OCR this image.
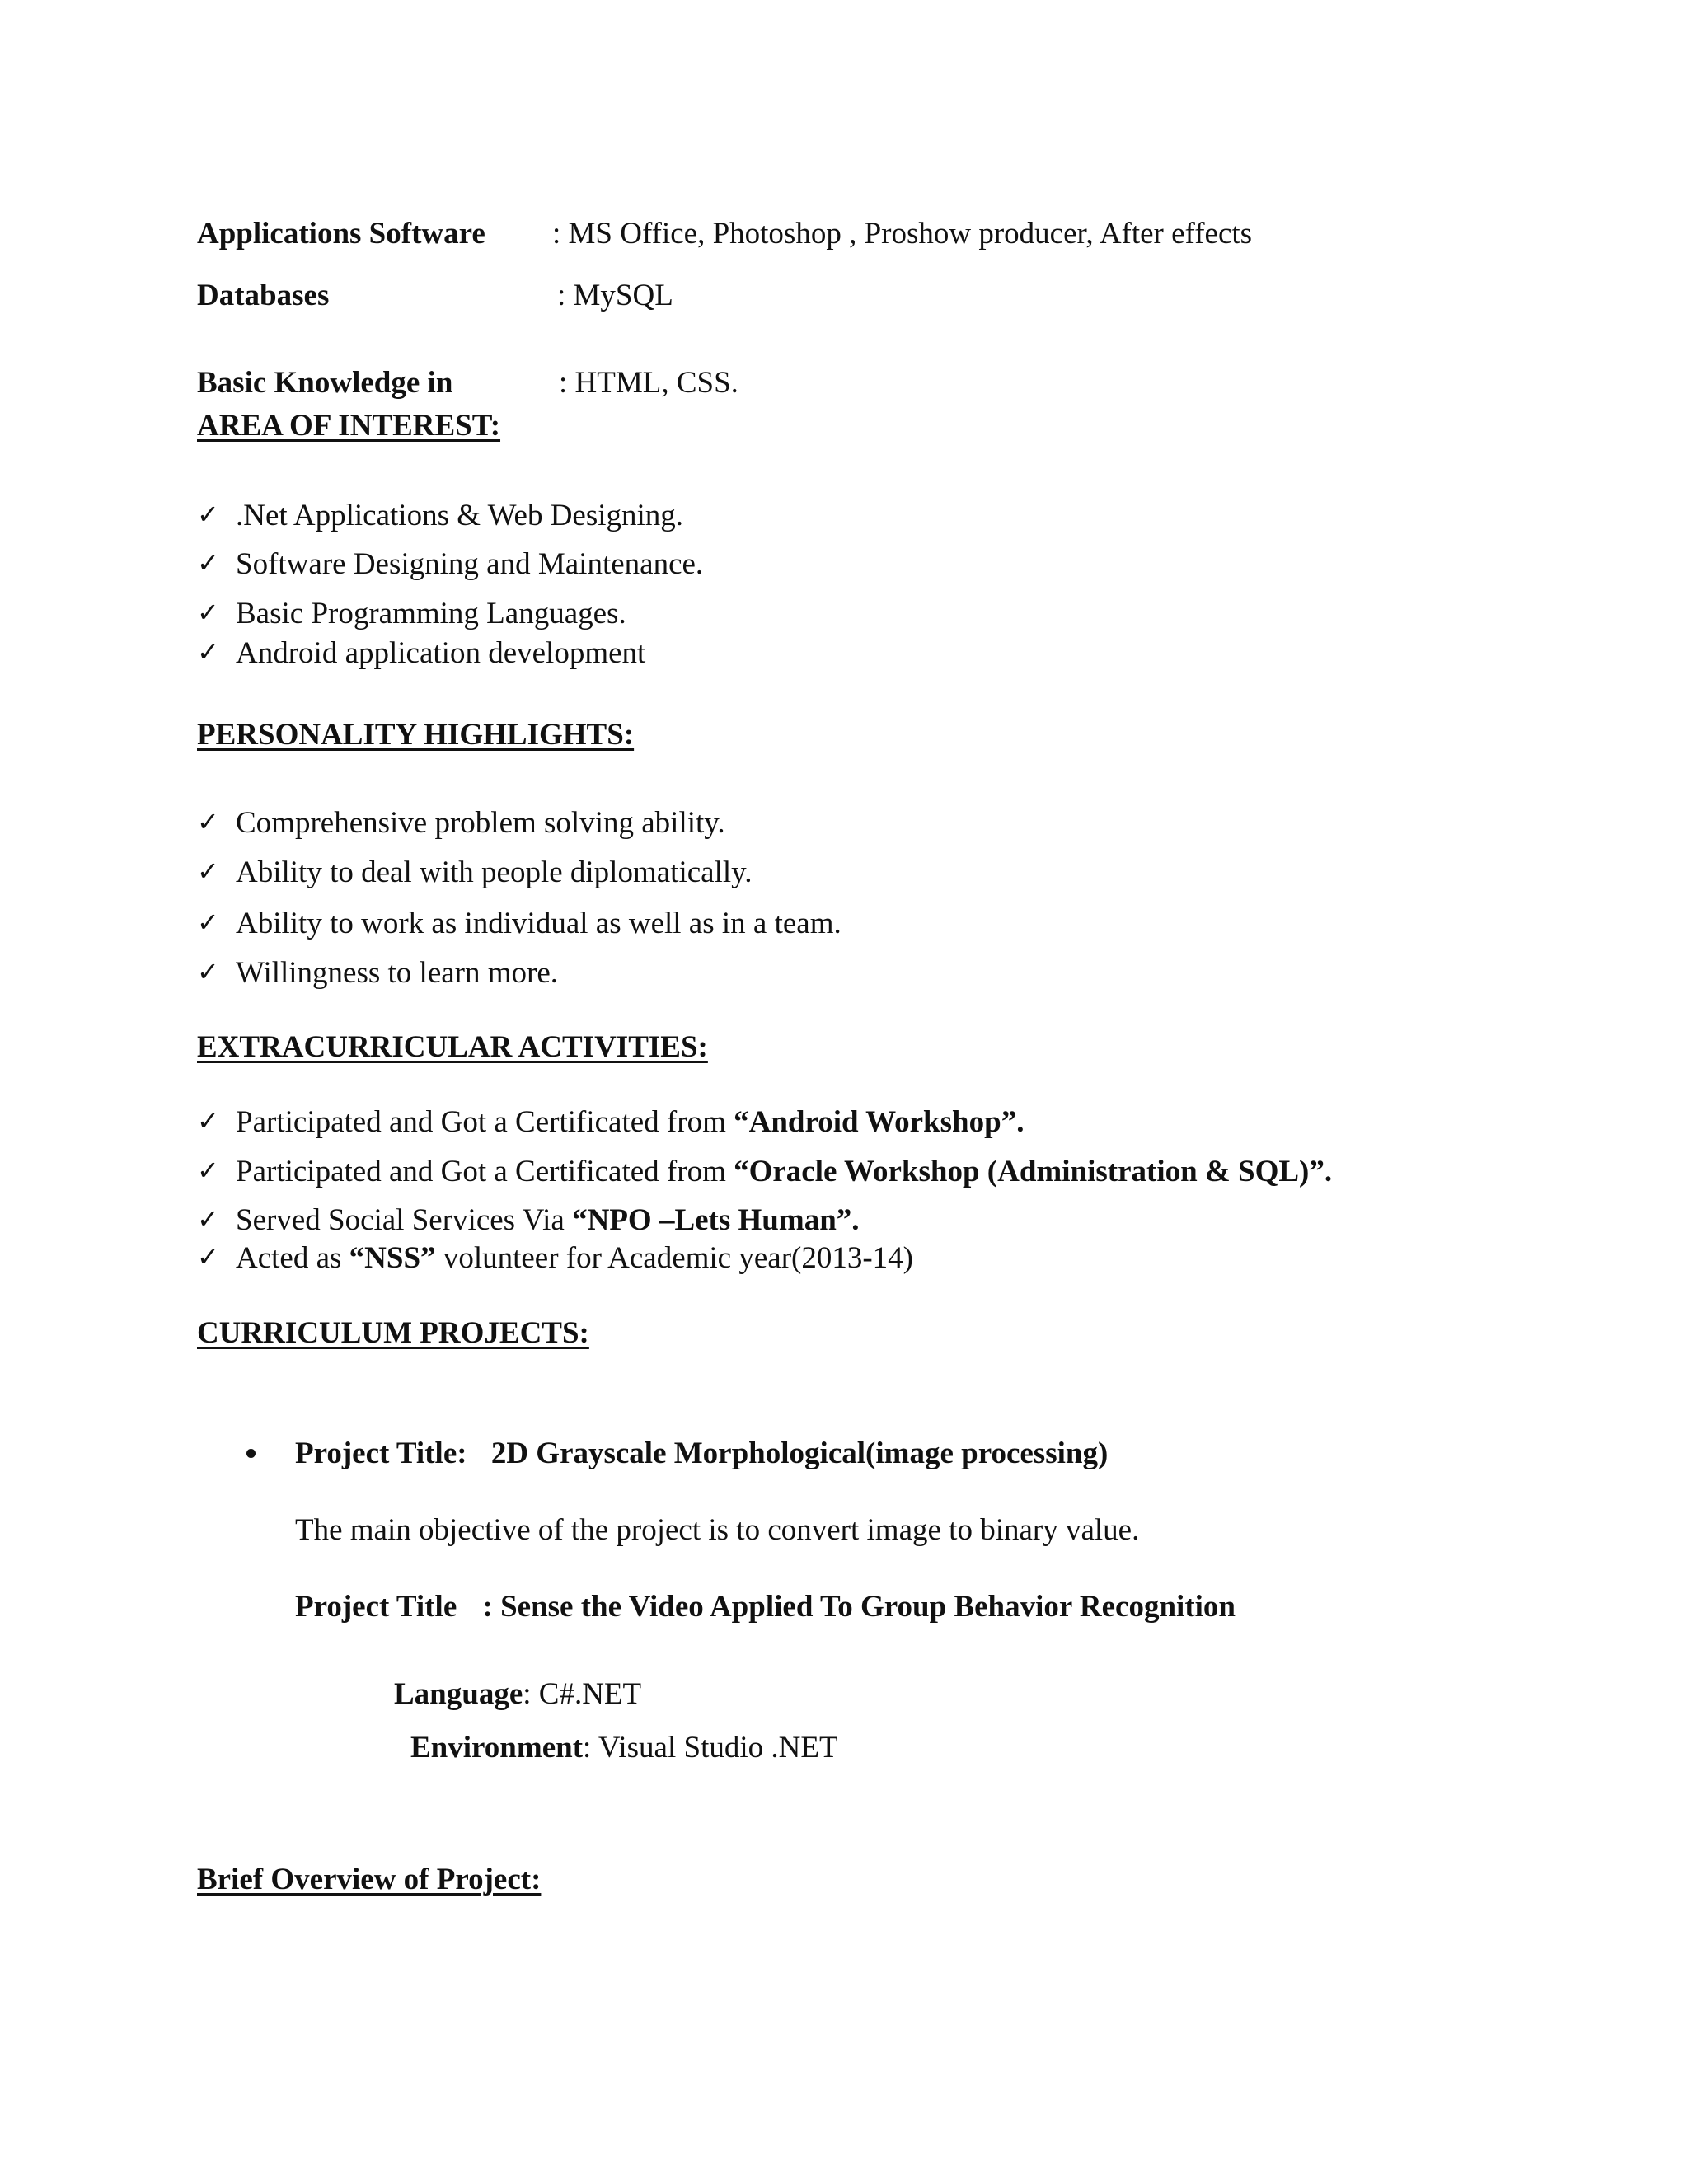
Applications Software : MS Office, Photoshop , Proshow producer, After effects
Databases	: MySQL
Basic Knowledge in	: HTML, CSS.
AREA OF INTEREST:
✓ .Net Applications & Web Designing.
✓ Software Designing and Maintenance.
✓ Basic Programming Languages.
✓ Android application development
PERSONALITY HIGHLIGHTS:
✓ Comprehensive problem solving ability.
✓ Ability to deal with people diplomatically.
✓ Ability to work as individual as well as in a team.
✓ Willingness to learn more.
EXTRACURRICULAR ACTIVITIES:
✓ Participated and Got a Certificated from “Android Workshop”.
✓ Participated and Got a Certificated from “Oracle Workshop (Administration & SQL)”.
✓ Served Social Services Via “NPO –Lets Human”.
✓ Acted as “NSS” volunteer for Academic year(2013-14)
CURRICULUM PROJECTS:
Project Title: 2D Grayscale Morphological(image processing)
The main objective of the project is to convert image to binary value.
Project Title : Sense the Video Applied To Group Behavior Recognition
Language: C#.NET
Environment: Visual Studio .NET
Brief Overview of Project:
